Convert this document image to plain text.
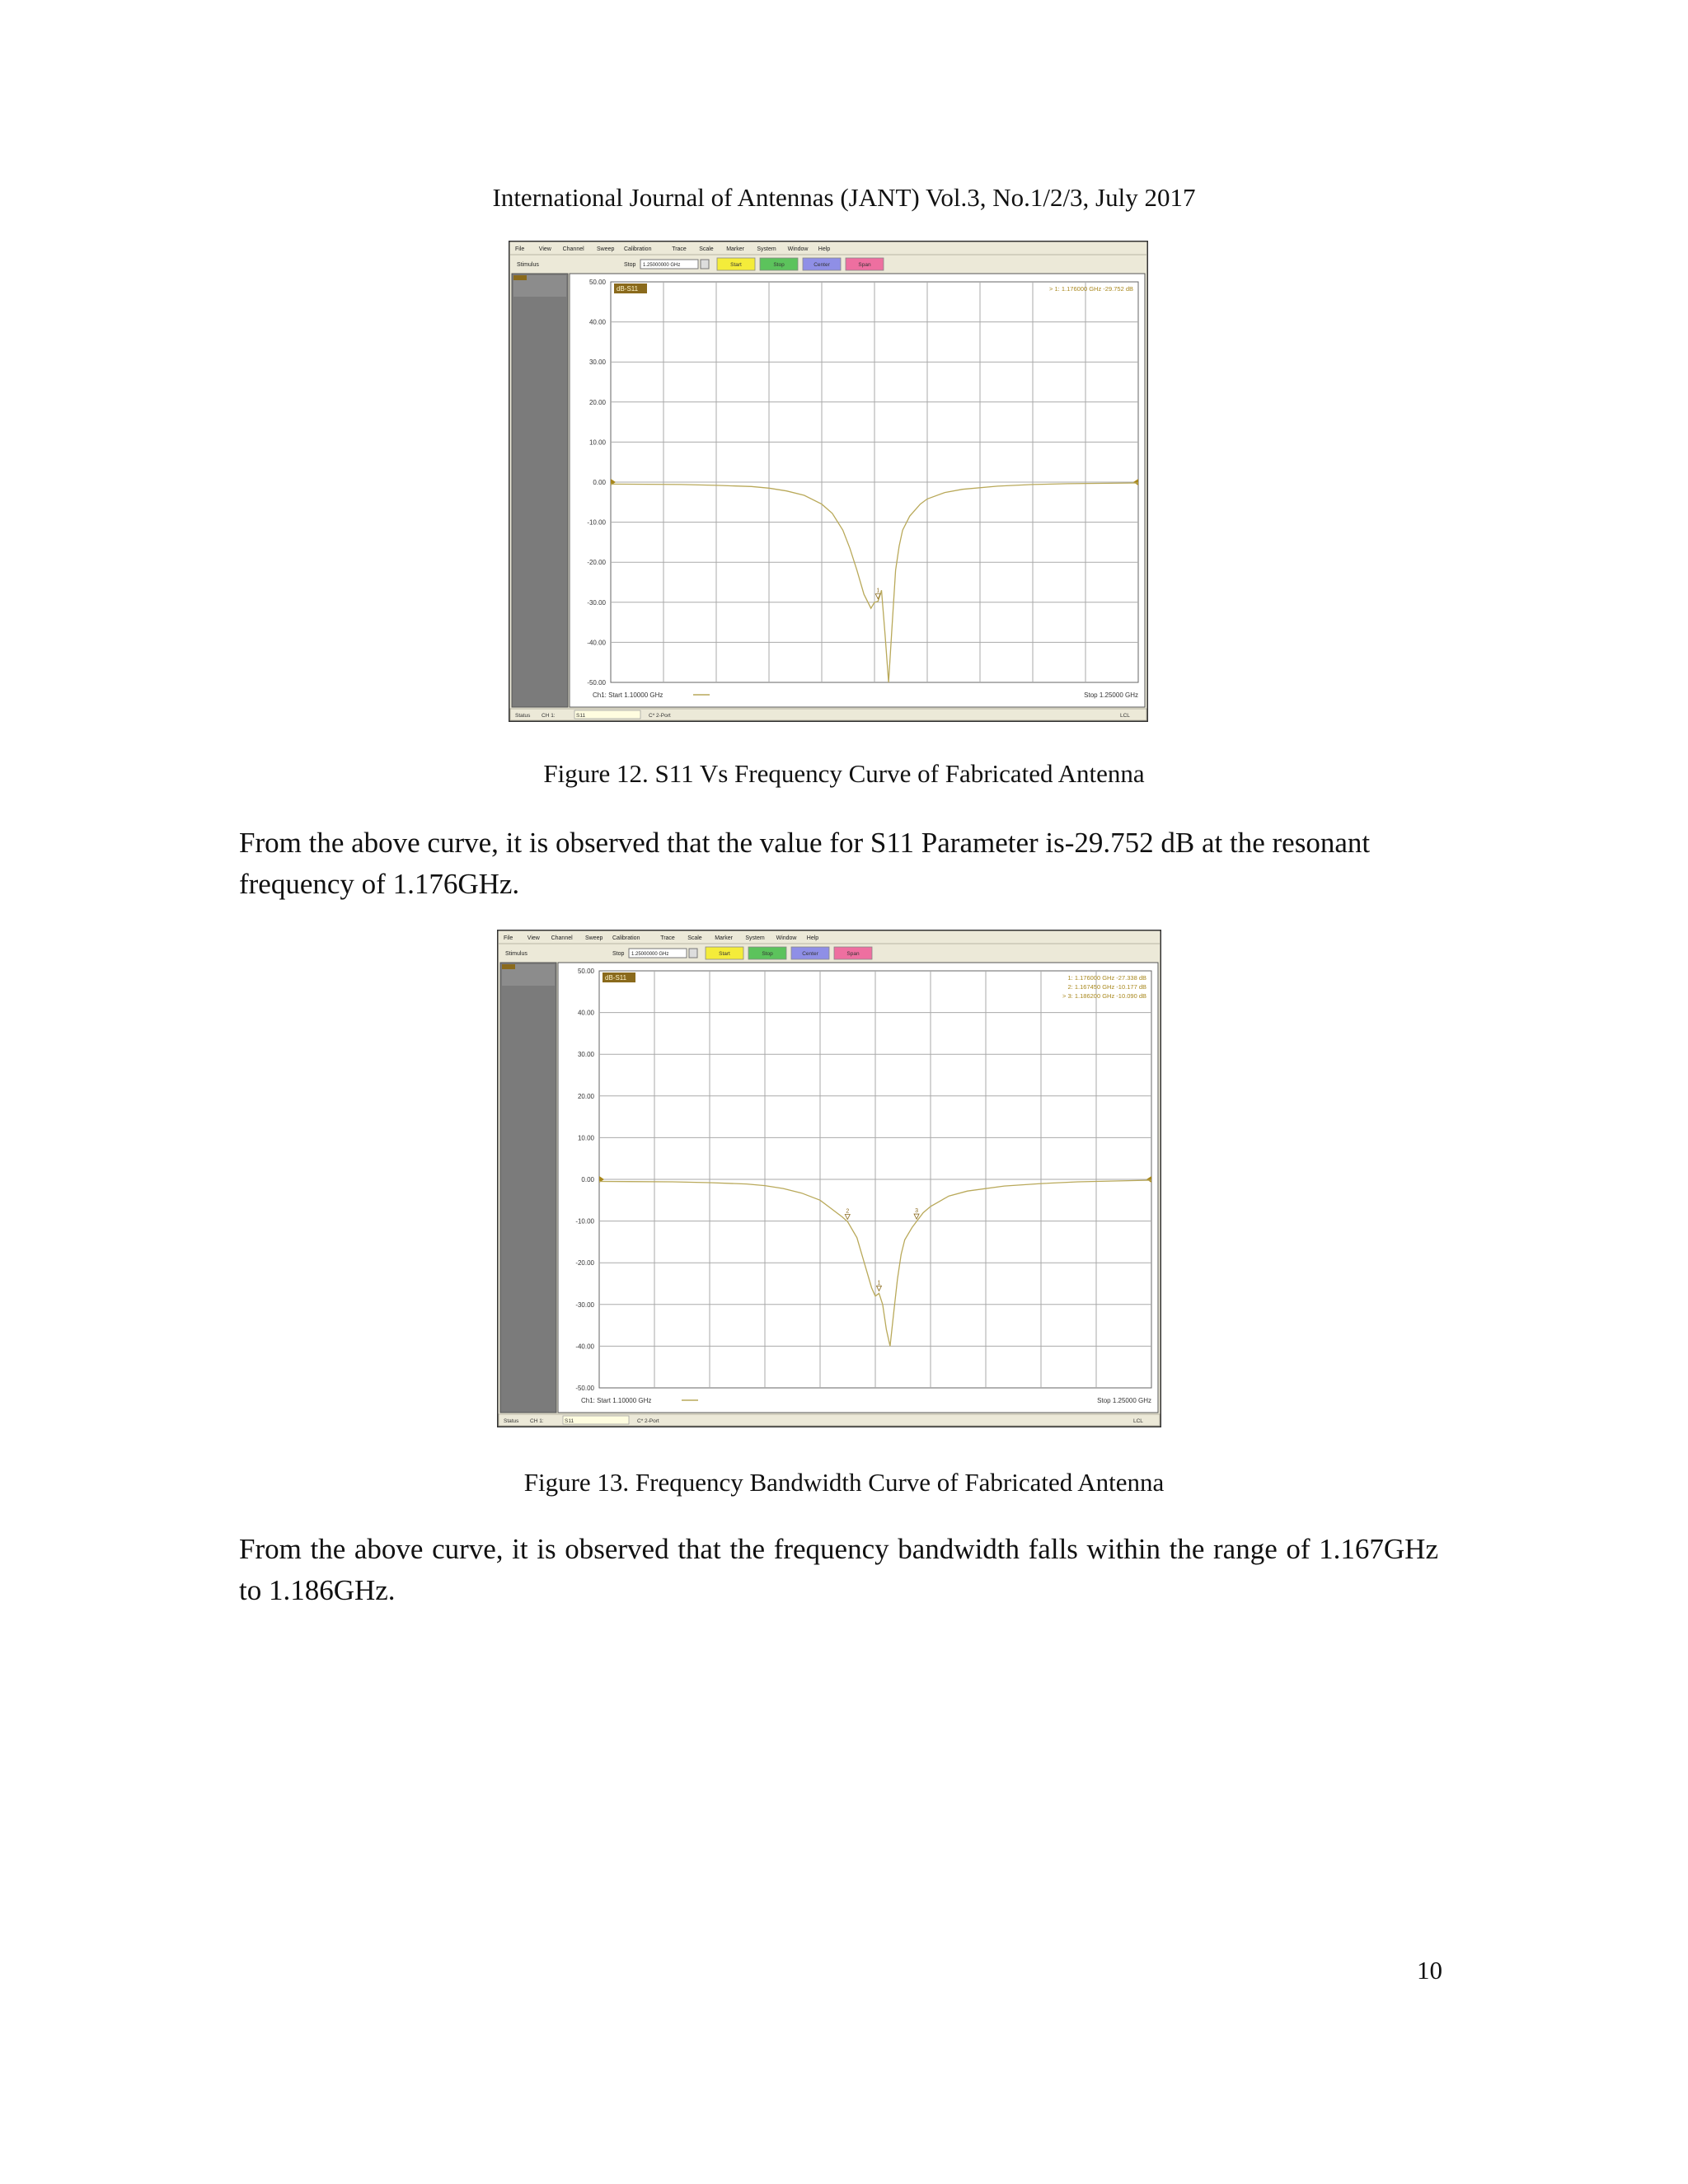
International Journal of Antennas (JANT) Vol.3, No.1/2/3, July 2017
File	View Channel Sweep Calibration	Trace Scale Marker System Window Help
Stimulus	Stop 1.25000000 GHz	Start	Stop	Center	Span
50.00
40.00
30.00
20.00
10.00
0.00
-10.00
-20.00
-30.00
-40.00
-50.00
dB-S11
1
> 1: 1.176000 GHz -29.752 dB
Ch1: Start 1.10000 GHz	Stop 1.25000 GHz
Status CH 1:	S11	C* 2-Port	LCL
Figure 12. S11 Vs Frequency Curve of Fabricated Antenna
From the above curve, it is observed that the value for S11 Parameter is-29.752 dB at the resonant frequency of 1.176GHz.
File	View Channel Sweep Calibration	Trace Scale Marker System Window Help
Stimulus	Stop 1.25000000 GHz	Start	Stop	Center	Span
50.00
40.00
30.00
20.00
10.00
0.00
-10.00
-20.00
-30.00
-40.00
-50.00
dB-S11
1
2	3
1: 1.176000 GHz -27.338 dB
2: 1.167450 GHz -10.177 dB
> 3: 1.186200 GHz -10.090 dB
Ch1: Start 1.10000 GHz	Stop 1.25000 GHz
Status CH 1:	S11	C* 2-Port	LCL
Figure 13. Frequency Bandwidth Curve of Fabricated Antenna
From the above curve, it is observed that the frequency bandwidth falls within the range of 1.167GHz to 1.186GHz.
10
